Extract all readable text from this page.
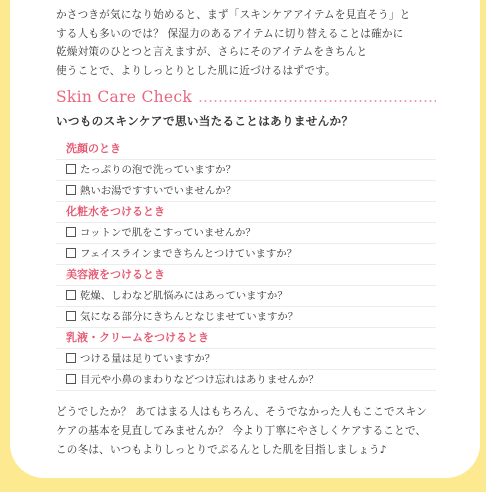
かさつきが気になり始めると、まず「スキンケアアイテムを見直そう」と
する人も多いのでは？ 保湿力のあるアイテムに切り替えることは確かに
乾燥対策のひとつと言えますが、さらにそのアイテムをきちんと
使うことで、よりしっとりとした肌に近づけるはずです。

Skin Care Check

いつものスキンケアで思い当たることはありませんか？

洗顔のとき
たっぷりの泡で洗っていますか？
熱いお湯ですすいでいませんか？
化粧水をつけるとき
コットンで肌をこすっていませんか？
フェイスラインまできちんとつけていますか？
美容液をつけるとき
乾燥、しわなど肌悩みにはあっていますか？
気になる部分にきちんとなじませていますか？
乳液・クリームをつけるとき
つける量は足りていますか？
目元や小鼻のまわりなどつけ忘れはありませんか？

どうでしたか？ あてはまる人はもちろん、そうでなかった人もここでスキン
ケアの基本を見直してみませんか？ 今より丁寧にやさしくケアすることで、
この冬は、いつもよりしっとりでぷるんとした肌を目指しましょう♪
